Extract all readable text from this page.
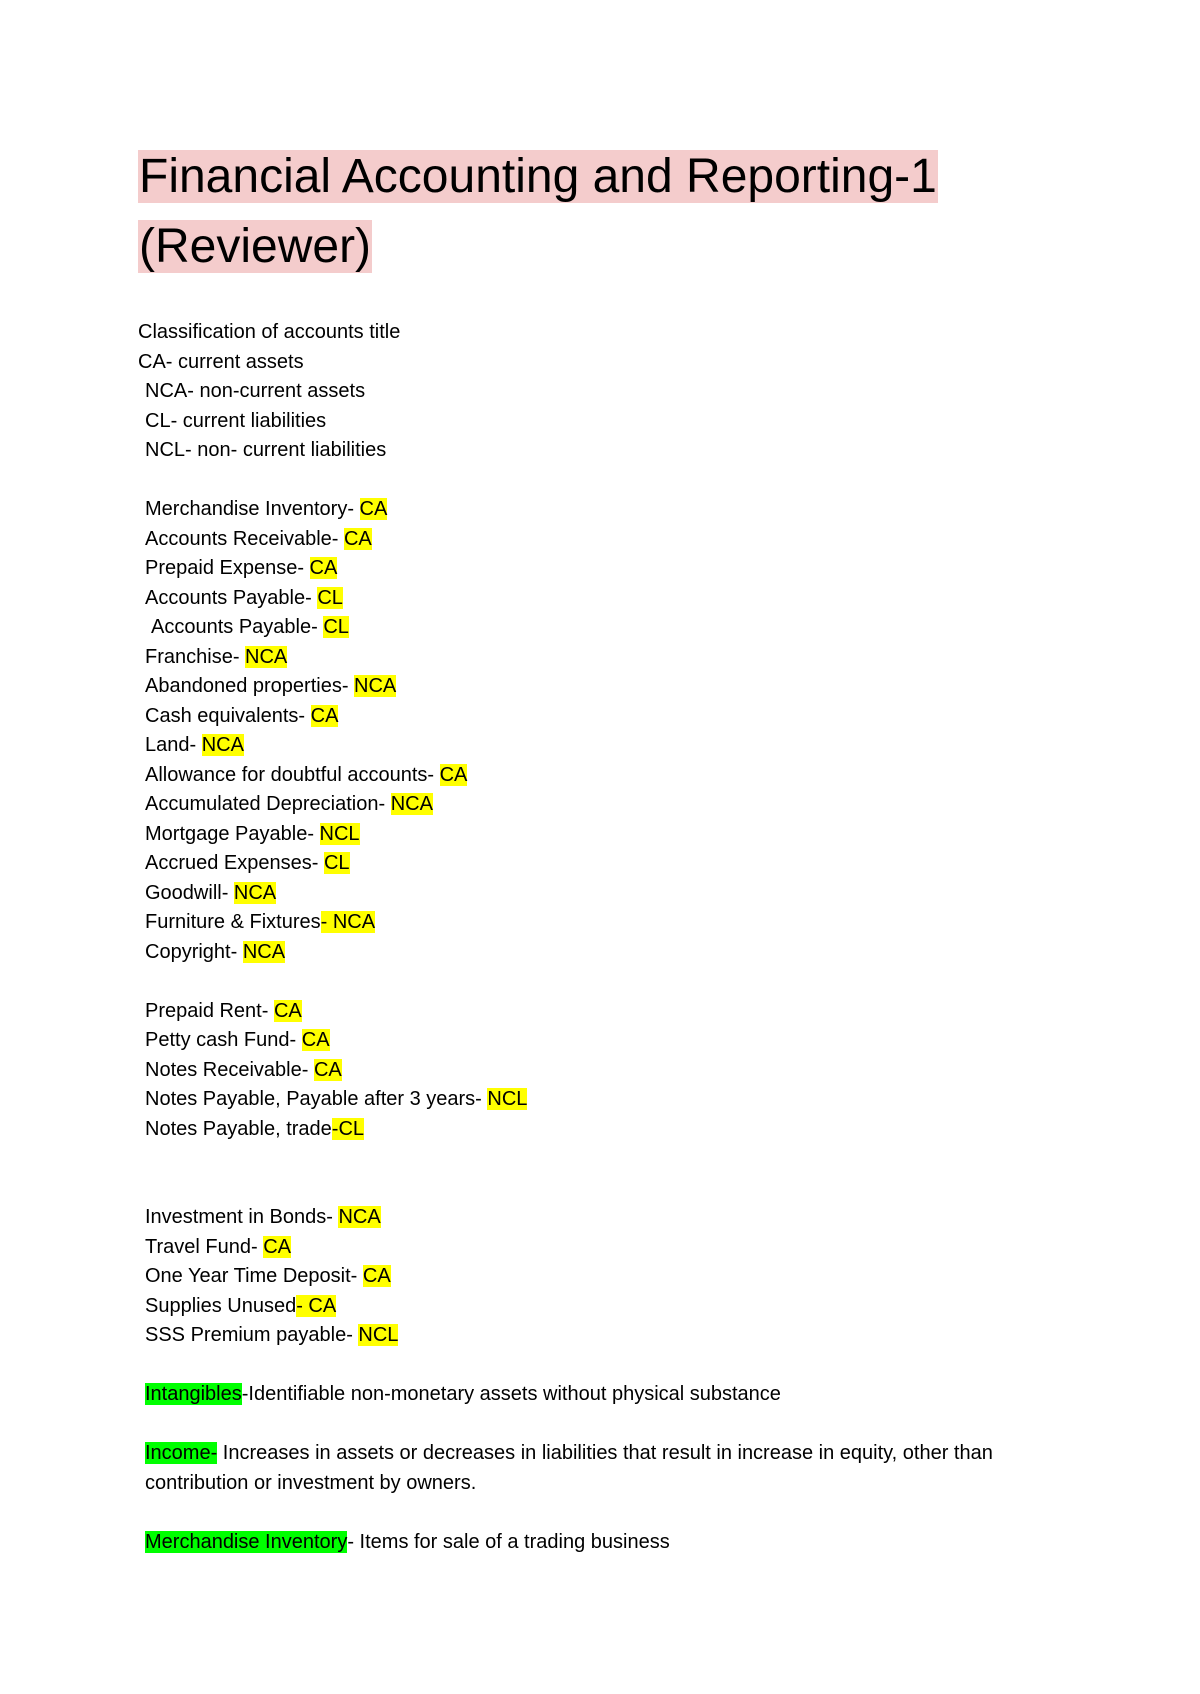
Financial Accounting and Reporting-1
(Reviewer)
Classification of accounts title
CA- current assets
NCA- non-current assets
CL- current liabilities
NCL- non- current liabilities
Merchandise Inventory- CA
Accounts Receivable- CA
Prepaid Expense- CA
Accounts Payable- CL
Accounts Payable- CL
Franchise- NCA
Abandoned properties- NCA
Cash equivalents- CA
Land- NCA
Allowance for doubtful accounts- CA
Accumulated Depreciation- NCA
Mortgage Payable- NCL
Accrued Expenses- CL
Goodwill- NCA
Furniture & Fixtures- NCA
Copyright- NCA
Prepaid Rent- CA
Petty cash Fund- CA
Notes Receivable- CA
Notes Payable, Payable after 3 years- NCL
Notes Payable, trade-CL
Investment in Bonds- NCA
Travel Fund- CA
One Year Time Deposit- CA
Supplies Unused- CA
SSS Premium payable- NCL

Intangibles-Identifiable non-monetary assets without physical substance

Income- Increases in assets or decreases in liabilities that result in increase in equity, other than contribution or investment by owners.

Merchandise Inventory- Items for sale of a trading business
